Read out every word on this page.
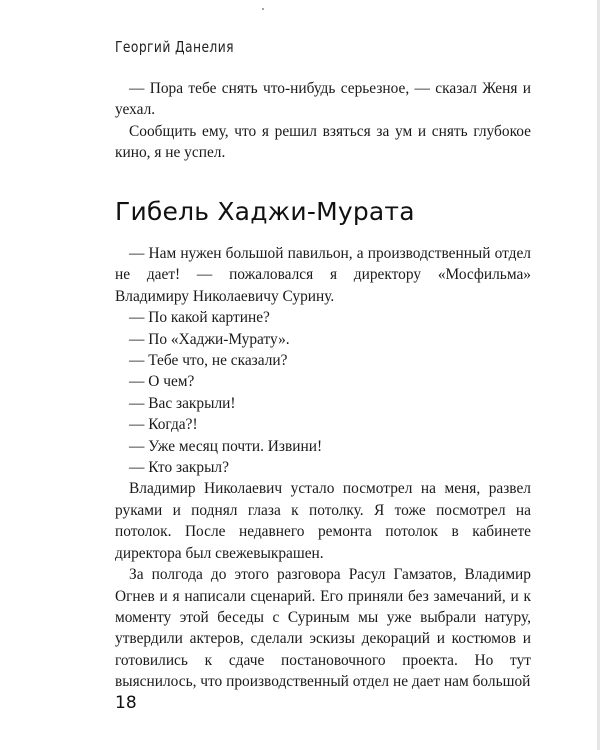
Георгий Данелия

— Пора тебе снять что-нибудь серьезное, — сказал Женя и уехал.

Сообщить ему, что я решил взяться за ум и снять глубокое кино, я не успел.

Гибель Хаджи-Мурата

— Нам нужен большой павильон, а производственный отдел не дает! — пожаловался я директору «Мосфильма» Владимиру Николаевичу Сурину.

— По какой картине?

— По «Хаджи-Мурату».

— Тебе что, не сказали?

— О чем?

— Вас закрыли!

— Когда?!

— Уже месяц почти. Извини!

— Кто закрыл?

Владимир Николаевич устало посмотрел на меня, развел руками и поднял глаза к потолку. Я тоже посмотрел на потолок. После недавнего ремонта потолок в кабинете директора был свежевыкрашен.

За полгода до этого разговора Расул Гамзатов, Владимир Огнев и я написали сценарий. Его приняли без замечаний, и к моменту этой беседы с Суриным мы уже выбрали натуру, утвердили актеров, сделали эскизы декораций и костюмов и готовились к сдаче постановочного проекта. Но тут выяснилось, что производственный отдел не дает нам большой

18
